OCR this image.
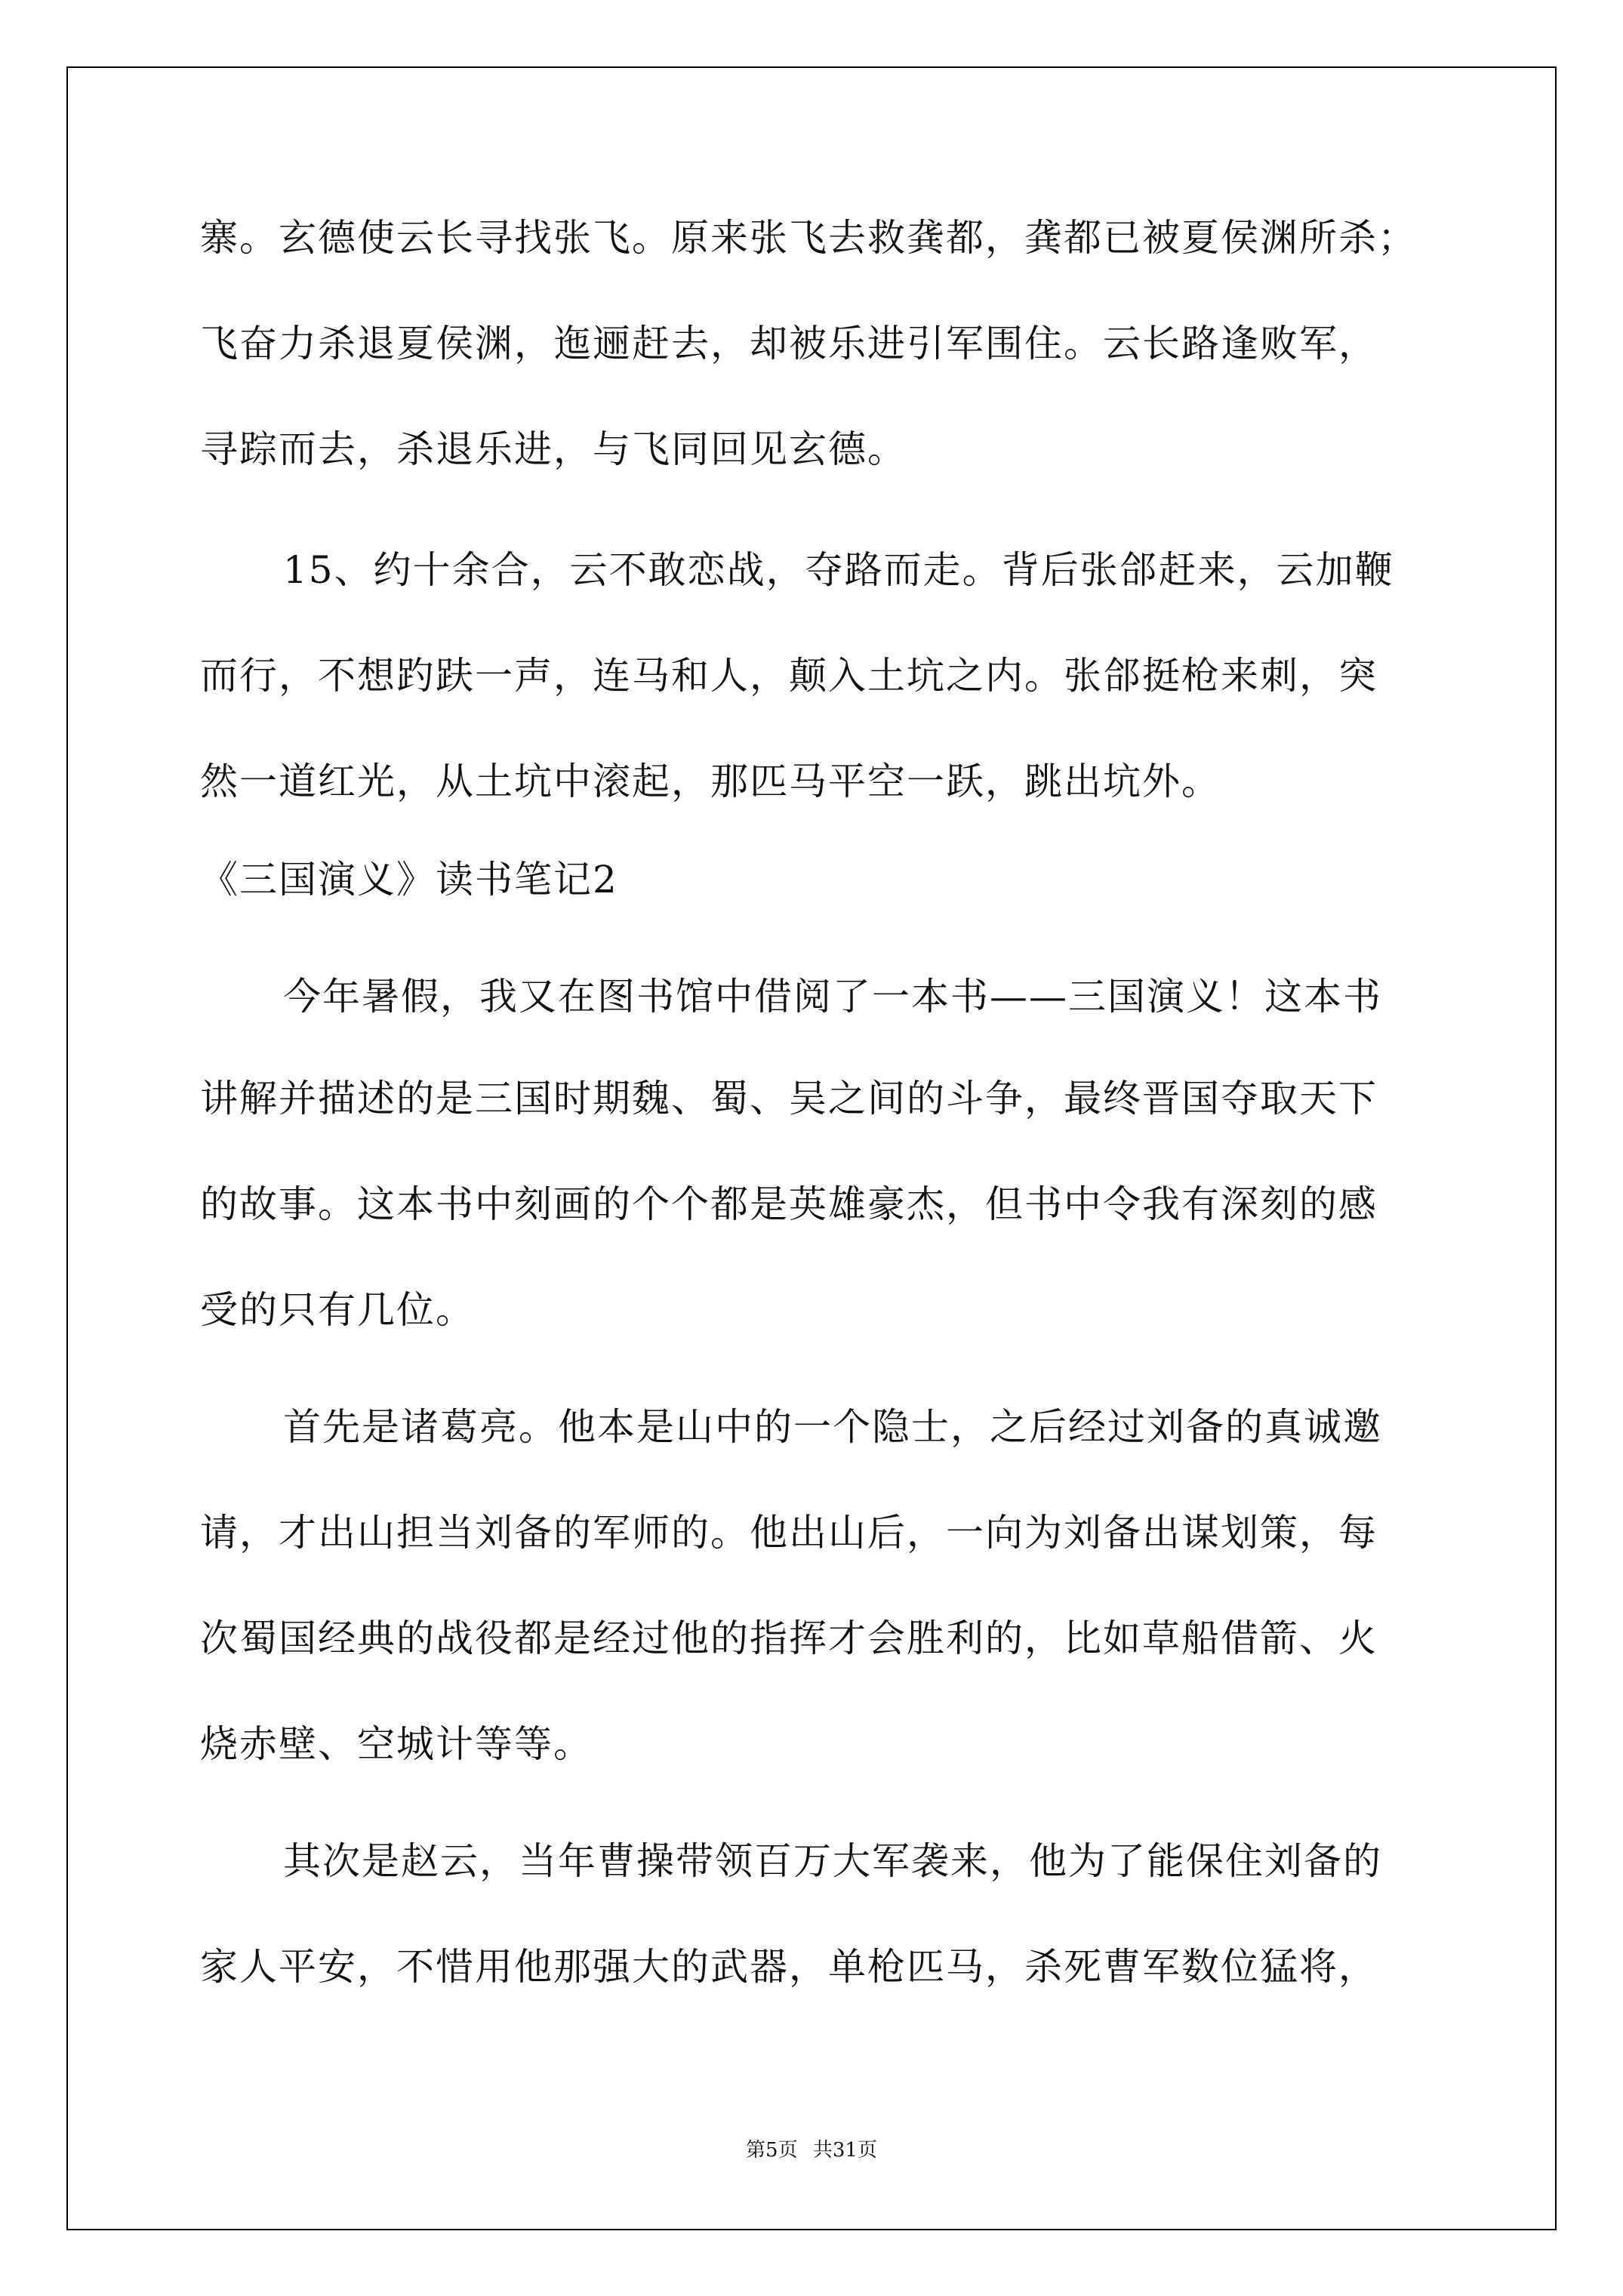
寨。玄德使云长寻找张飞。原来张飞去救龚都，龚都已被夏侯渊所杀；
飞奋力杀退夏侯渊，迤逦赶去，却被乐进引军围住。云长路逢败军，
寻踪而去，杀退乐进，与飞同回见玄德。
15、约十余合，云不敢恋战，夺路而走。背后张郃赶来，云加鞭
而行，不想趵趺一声，连马和人，颠入土坑之内。张郃挺枪来刺，突
然一道红光，从土坑中滚起，那匹马平空一跃，跳出坑外。
《三国演义》读书笔记2
今年暑假，我又在图书馆中借阅了一本书——三国演义！这本书
讲解并描述的是三国时期魏、蜀、吴之间的斗争，最终晋国夺取天下
的故事。这本书中刻画的个个都是英雄豪杰，但书中令我有深刻的感
受的只有几位。
首先是诸葛亮。他本是山中的一个隐士，之后经过刘备的真诚邀
请，才出山担当刘备的军师的。他出山后，一向为刘备出谋划策，每
次蜀国经典的战役都是经过他的指挥才会胜利的，比如草船借箭、火
烧赤壁、空城计等等。
其次是赵云，当年曹操带领百万大军袭来，他为了能保住刘备的
家人平安，不惜用他那强大的武器，单枪匹马，杀死曹军数位猛将，
第5页 共31页
